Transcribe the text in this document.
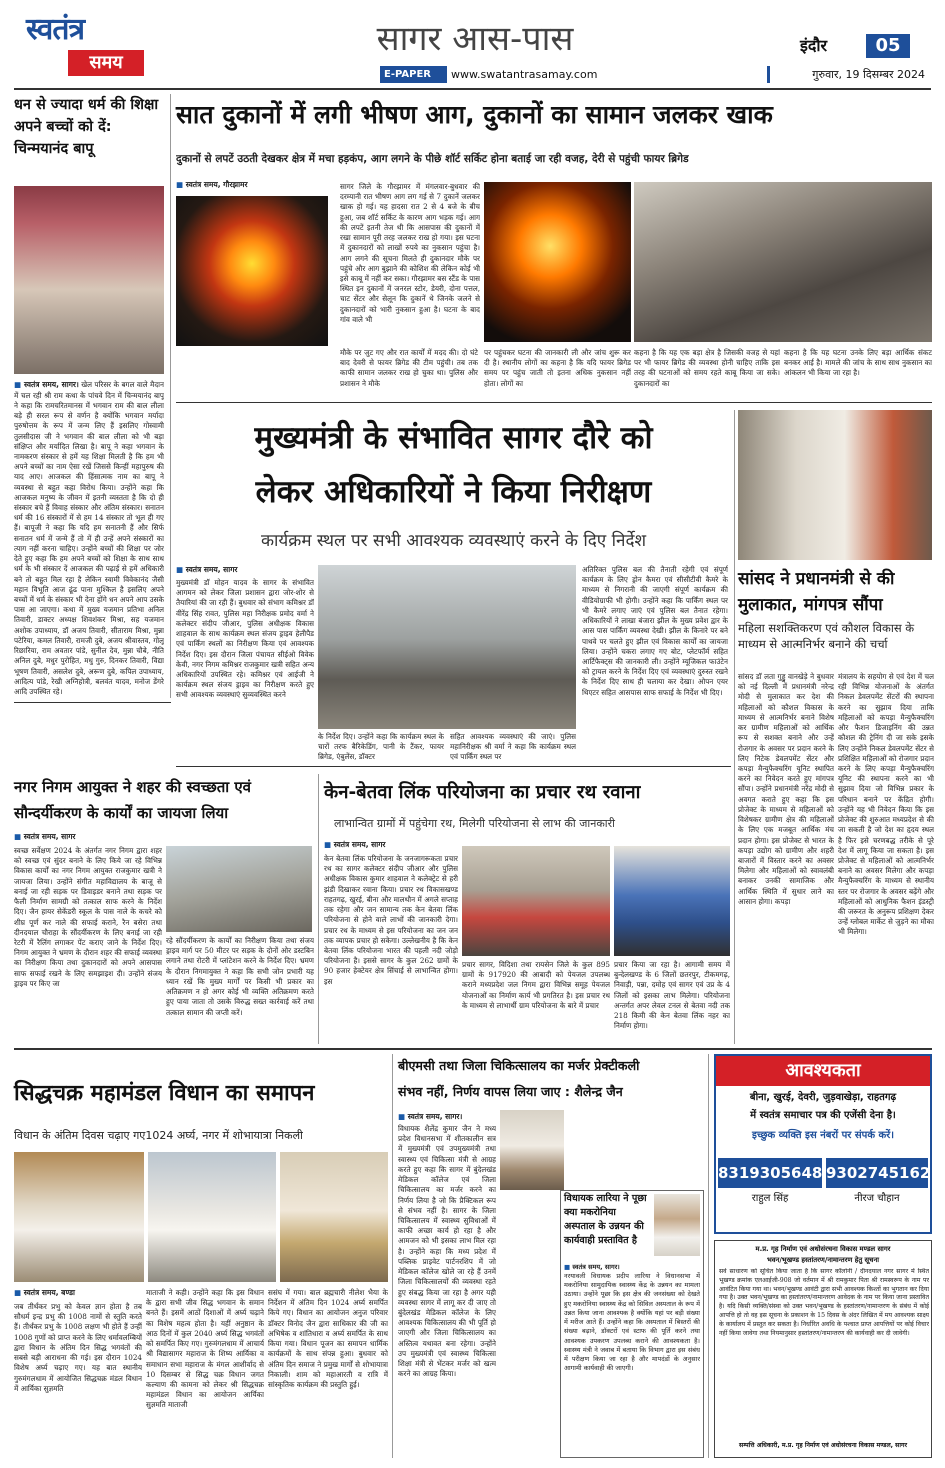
स्वतंत्र
समय
सागर आस-पास
E-PAPER	www.swatantrasamay.com
इंदौर	05
गुरुवार, 19 दिसम्बर 2024
धन से ज्यादा धर्म की शिक्षा अपने बच्चों को दें: चिन्मयानंद बापू
■ स्वतंत्र समय, सागर। खेल परिसर के बगल वाले मैदान में चल रही श्री राम कथा के पांचवे दिन में चिन्मयानंद बापू ने कहा कि रामचरितमानस में भगवान राम की बाल लीला बड़े ही सरल रूप से वर्णन है क्योंकि भगवान मर्यादा पुरुषोत्तम के रूप में जन्म लिए हैं इसलिए गोस्वामी तुलसीदास जी ने भगवान की बाल लीला को भी बड़ा संक्षिप्त और मर्यादित लिखा है। बापू ने कहा भगवान के नामकरण संस्कार से हमें यह शिक्षा मिलती है कि हम भी अपने बच्चों का नाम ऐसा रखें जिससे किन्हीं महापुरुष की याद आए। आजकल की हिंसात्मक नाम का बापू ने व्यवस्था से बहुत कहा विरोध किया। उन्होंने कहा कि आजकल मनुष्य के जीवन में इतनी व्यस्तता है कि दो ही संस्कार बचे हैं विवाह संस्कार और अंतिम संस्कार। सनातन धर्म की 16 संस्कारों में से हम 14 संस्कार तो भूल ही गए हैं। बापूजी ने कहा कि यदि हम सनातनी हैं और सिर्फ सनातन धर्म में जन्मे हैं तो में ही उन्हें अपने संस्कारों का त्याग नहीं करना चाहिए। उन्होंने बच्चों की शिक्षा पर जोर देते हुए कहा कि हम अपने बच्चों को शिक्षा के साथ साथ धर्म के भी संस्कार दें आजकल की पढ़ाई से हमें अधिकारी बने तो बहुत मिल रहा है लेकिन स्वामी विवेकानंद जैसी महान विभूति आज ढूंढ पाना मुश्किल है इसलिए अपने बच्चों में धर्म के संस्कार भी देना होंगे धन अपने आप उसके पास आ जाएगा। कथा में मुख्य यजमान प्रतिभा अनिल तिवारी, डाक्टर अध्यक्ष शिवशंकर मिश्रा, सह यजमान अशोक उपाध्याय, डॉ अजय तिवारी, सीताराम मिश्रा, मुन्ना पटेरिया, कमल तिवारी, रामजी दुबे, अजय श्रीवास्तव, गोलू रिछारिया, राम अवतार पांडे, सुनील देव, मुन्ना चौबे, नीति अनिल दुबे, मधुर पुरोहित, मधु गुरु, दिनकर तिवारी, विद्या भूषण तिवारी, असलेश दुबे, अरूण दुबे, कपिल उपाध्याय, आदित्य पांडे, रेखी अग्निहोत्री, बलवंत यादव, मनोज डेंगरे आदि उपस्थित रहे।
सात दुकानों में लगी भीषण आग, दुकानों का सामान जलकर खाक
दुकानों से लपटें उठती देखकर क्षेत्र में मचा हड़कंप, आग लगने के पीछे शॉर्ट सर्किट होना बताई जा रही वजह, देरी से पहुंची फायर ब्रिगेड
■ स्वतंत्र समय, गौरझामर	सागर जिले के गौरझामर में मंगलवार-बुधवार की दरम्यानी रात भीषण आग लग गई से 7 दुकानें जलकर खाक हो गई। यह हादसा रात 2 से 4 बजे के बीच हुआ, जब शॉर्ट सर्किट के कारण आग भड़क गई। आग की लपटें इतनी तेज थी कि आसपास की दुकानों में रखा सामान पूरी तरह जलकर राख हो गया। इस घटना में दुकानदारों को लाखों रुपये का नुकसान पहुंचा है। आग लगने की सूचना मिलते ही दुकानदार मौके पर पहुंचे और आग बुझाने की कोशिश की लेकिन कोई भी इसे काबू में नहीं कर सका। गौरझामर बस स्टैंड के पास स्थित इन दुकानों में जनरल स्टोर, डेयरी, दोना पत्तल, चाट सेंटर और सेलून कि दुकानें थे जिनके जलने से दुकानदारों को भारी नुकसान हुआ है। घटना के बाद गांव वाले भी
मौके पर जुट गए और रात कार्यों में मदद की। दो घंटे बाद देवरी से फायर ब्रिगेड की टीम पहुंची। तब तक काफी सामान जलकर राख हो चुका था। पुलिस और प्रशासन ने मौके
पर पहुंचकर घटना की जानकारी ली और जांच शुरू कर दी है। स्थानीय लोगों का कहना है कि यदि फायर ब्रिगेड समय पर पहुंच जाती तो इतना अधिक नुकसान नहीं होता। लोगों का
कहना है कि यह एक बड़ा क्षेत्र है जिसकी वजह से यहां पर भी फायर ब्रिगेड की व्यवस्था होनी चाहिए ताकि इस तरह की घटनाओं को समय रहते काबू किया जा सके। दुकानदारों का
कहना है कि यह घटना उनके लिए बड़ा आर्थिक संकट बनकर आई है। मामले की जांच के साथ साथ नुकसान का आंकलन भी किया जा रहा है।
मुख्यमंत्री के संभावित सागर दौरे को
लेकर अधिकारियों ने किया निरीक्षण
कार्यक्रम स्थल पर सभी आवश्यक व्यवस्थाएं करने के दिए निर्देश
■ स्वतंत्र समय, सागर
मुख्यमंत्री डॉ मोहन यादव के सागर के संभावित आगमन को लेकर जिला प्रशासन द्वारा जोर-शोर से तैयारियां की जा रही हैं। बुधवार को संभाग कमिश्नर डॉ वीरेंद्र सिंह रावत, पुलिस महा निरीक्षक प्रमोद वर्मा ने कलेक्टर संदीप जीआर, पुलिस अधीक्षक विकास शाहवाल के साथ कार्यक्रम स्थल संजय ड्राइव हेलीपैड एवं पार्किंग स्थलों का निरीक्षण किया एवं आवश्यक निर्देश दिए। इस दौरान जिला पंचायत सीईओ विवेक केवी, नगर निगम कमिश्नर राजकुमार खत्री सहित अन्य अधिकारियों उपस्थित रहे। कमिश्नर एवं आईजी ने कार्यक्रम स्थल संजय ड्राइव का निरीक्षण करते हुए सभी आवश्यक व्यवस्थाएं सुव्यवस्थित करने
के निर्देश दिए। उन्होंने कहा कि कार्यक्रम स्थल के चारों तरफ बैरिकेडिंग, पानी के टैंकर, फायर ब्रिगेड, एंबुलेंस, डॉक्टर
सहित आवश्यक व्यवस्थाएं की जाएं। पुलिस महानिरीक्षक श्री वर्मा ने कहा कि कार्यक्रम स्थल एवं पार्किंग स्थल पर
अतिरिक्त पुलिस बल की तैनाती रहेगी एवं संपूर्ण कार्यक्रम के लिए ड्रोन कैमरा एवं सीसीटीवी कैमरे के माध्यम से निगरानी की जाएगी संपूर्ण कार्यक्रम की वीडियोग्राफी भी होगी। उन्होंने कहा कि पार्किंग स्थल पर भी कैमरे लगाए जाएं एवं पुलिस बल तैनात रहेगा। अधिकारियों ने लाखा बंजारा झील के मुख्य प्रवेश द्वार के आस पास पार्किंग व्यवस्था देखी। झील के किनारे पर बने पाथवे पर चलते हुए झील एवं विकास कार्यों का जायजा लिया। उन्होंने चकरा लगाए गए बोट, प्लेटफॉर्म सहित आर्टिफैक्ट्स की जानकारी ली। उन्होंने म्यूजिकल फाउंटेन को ट्रायल करने के निर्देश दिए एवं व्यवस्थाएं दुरुस्त रखने के निर्देश दिए साथ ही चलाया कर देखा। ओपन एयर थिएटर सहित आसपास साफ सफाई के निर्देश भी दिए।
सांसद ने प्रधानमंत्री से की मुलाकात, मांगपत्र सौंपा
महिला सशक्तिकरण एवं कौशल विकास के माध्यम से आत्मनिर्भर बनाने की चर्चा
सांसद डॉ लता गुड्डु वानखेड़े ने बुधवार को नई दिल्ली में प्रधानमंत्री नरेन्द्र मोदी से मुलाकात कर देश की महिलाओं को कौशल विकास के माध्यम से आत्मनिर्भर बनाने विशेष कर ग्रामीण महिलाओं को आर्थिक रूप से सशक्त बनाने और उन्हें रोजगार के अवसर पर प्रदान करने के लिए निटेक डेवलपमेंट सेंटर और कपड़ा मैन्युफैक्चरिंग यूनिट स्थापित करने का निवेदन करते हुए मांगपत्र सौंपा। उन्होंने प्रधानमंत्री नरेंद्र मोदी से अवगत कराते हुए कहा कि इस प्रोजेक्ट के माध्यम से महिलाओं को विशेषकर ग्रामीण क्षेत्र की महिलाओं के लिए एक मजबूत आर्थिक मंच प्रदान होगा। इस प्रोजेक्ट से भारत के कपड़ा उद्योग को ग्रामीण और शहरी बाजारों में विस्तार करने का अवसर मिलेगा और महिलाओं को स्वावलंबी बनाकर उनकी सामाजिक और आर्थिक स्थिति में सुधार लाने का आसान होगा। कपड़ा
मंत्रालय के सहयोग से एवं देश में चल रही विभिन्न योजनाओं के अंतर्गत निकल डेवलपमेंट सेंटरों की स्थापना करने का सुझाव दिया ताकि महिलाओं को कपड़ा मैन्युफैक्चरिंग और फैशन डिजाइनिंग की उन्नत कौशल की ट्रेनिंग दी जा सके इसके लिए उन्होंने निकल डेवलपमेंट सेंटर से प्रशिक्षित महिलाओं को रोजगार प्रदान करने के लिए कपड़ा मैन्युफैक्चरिंग यूनिट की स्थापना करने का भी सुझाव दिया जो विभिन्न प्रकार के परिधान बनाने पर केंद्रित होगी। उन्होंने यह भी निवेदन किया कि इस प्रोजेक्ट की शुरुआत मध्यप्रदेश से की जा सकती है जो देश का हृदय स्थल है फिर इसे चरणबद्ध तरीके से पूरे देश में लागू किया जा सकता है। इस प्रोजेक्ट से महिलाओं को आत्मनिर्भर बनाने का अवसर मिलेगा और कपड़ा मैन्युफैक्चरिंग के माध्यम से स्थानीय स्तर पर रोजगार के अवसर बढ़ेंगे और महिलाओं को आधुनिक फैशन इंडस्ट्री की जरूरत के अनुरूप प्रशिक्षण देकर उन्हें ग्लोबल मार्केट से जुड़ने का मौका भी मिलेगा।
नगर निगम आयुक्त ने शहर की स्वच्छता एवं सौन्दर्यीकरण के कार्यों का जायजा लिया
■ स्वतंत्र समय, सागर
स्वच्छ सर्वेक्षण 2024 के अंतर्गत नगर निगम द्वारा शहर को स्वच्छ एवं सुंदर बनाने के लिए किये जा रहे विभिन्न विकास कार्यों का नगर निगम आयुक्त राजकुमार खत्री ने जायजा लिया। उन्होंने संगीत महाविद्यालय के बाजू से बनाई जा रही सड़क पर डिवाइडर बनाने तथा सड़क पर फैली निर्माण सामग्री को तत्काल साफ करने के निर्देश दिए। जैन हायर सेकेंडरी स्कूल के पास नाले के कचरे को शीघ्र पूर्ण कर नाले की सफाई कराने, रैन बसेरा तथा दीनदयाल चौराहा के सौंदर्यीकरण के लिए बनाई जा रही रेटरी में रैलिंग लगाकर पेंट कराए जाने के निर्देश दिए। निगम आयुक्त ने भ्रमण के दौरान शहर की सफाई व्यवस्था का निरीक्षण किया तथा दुकानदारों को अपने आसपास साफ सफाई रखने के लिए समझाइश दी। उन्होंने संजय ड्राइव पर किए जा
रहे सौंदर्यीकरण के कार्यों का निरीक्षण किया तथा संजय ड्राइव मार्ग पर 50 मीटर पर सड़क के दोनों ओर डस्टबिन लगाने तथा रोटरी में प्लांटेशन करने के निर्देश दिए। भ्रमण के दौरान निगमायुक्त ने कहा कि सभी जोन प्रभारी यह ध्यान रखें कि मुख्य मार्गों पर किसी भी प्रकार का अतिक्रमण न हो अगर कोई भी व्यक्ति अतिक्रमण करते हुए पाया जाता तो उसके विरुद्ध सख्त कार्रवाई करें तथा तत्काल सामान की जप्ती करें।
केन-बेतवा लिंक परियोजना का प्रचार रथ रवाना
लाभान्वित ग्रामों में पहुंचेगा रथ, मिलेगी परियोजना से लाभ की जानकारी
■ स्वतंत्र समय, सागर
केन बेतवा लिंक परियोजना के जनजागरूकता प्रचार रथ का सागर कलेक्टर संदीप जीआर और पुलिस अधीक्षक विकास कुमार शाहवाल ने कलेक्ट्रेट से हरी झंडी दिखाकर रवाना किया। प्रचार रथ विकासखण्ड राहतगढ़, खुरई, बीना और मालथौन में अगले सप्ताह तक रहेगा और जन सामान्य तक केन बेतवा लिंक परियोजना से होने वाले लाभों की जानकारी देगा। प्रचार रथ के माध्यम से इस परियोजना का जन जन तक व्यापक प्रचार हो सकेगा। उल्लेखनीय है कि केन बेतवा लिंक परियोजना भारत की पहली नदी जोड़ो परियोजना है। इससे सागर के कुल 262 ग्रामों के 90 हजार हेक्टेयर क्षेत्र सिंचाई से लाभान्वित होगा। इस
प्रचार सागर, विदिशा तथा रायसेन जिले के कुल 895 ग्रामों के 917920 की आबादी को पेयजल उपलब्ध कराने मध्यप्रदेश जल निगम द्वारा विभिन्न समूह पेयजल योजनाओं का निर्माण कार्य भी प्रगतिरत है। इस प्रचार रथ के माध्यम से लाभार्थी ग्राम परियोजना के बारे में प्रचार
प्रचार किया जा रहा है। आगामी समय में बुन्देलखण्ड के 6 जिलों छतरपुर, टीकमगढ़, निवाड़ी, पन्ना, दमोह एवं सागर एवं उप्र के 4 जिलों को इसका लाभ मिलेगा। परियोजना अन्तर्गत अपर लेवल टनल से बेतवा नदी तक 218 किमी की केन बेतवा लिंक नहर का निर्माण होगा।
सिद्धचक्र महामंडल विधान का समापन
विधान के अंतिम दिवस चढ़ाए गए1024 अर्घ्य, नगर में शोभायात्रा निकली
■ स्वतंत्र समय, बण्डा
जब तीर्थंकर प्रभु को केवल ज्ञान होता है तब सौधर्म इन्द्र प्रभु की 1008 नामों से स्तुति करते हैं। तीर्थंकर प्रभु के 1008 लक्षण भी होते हैं उन्हीं 1008 गुणों को प्राप्त करने के लिए धर्मावलम्बियों द्वारा विधान के अंतिम दिन सिद्ध भगवंतों की सबसे बड़ी आराधना की गई। इस दौरान 1024 विशेष अर्घ्य चढ़ाए गए। यह बात स्थानीय गुरुमंगलधाम में आयोजित सिद्धचक्र मंडल विधान में आर्यिका सुज्ञमति
माताजी ने कही। उन्होंने कहा कि इस विधान के द्वारा सभी जीव सिद्ध भगवान के समान बनते हैं। इसमें आठों दिशाओं में अर्घ्य चढ़ाने का विशेष महत्व होता है। यहीं अनुष्ठान के आठ दिनों में कुल 2040 अर्घ्य सिद्ध भगवंतों को समर्पित किए गए। गुरुमंगलधाम में आचार्य श्री विद्यासागर महाराज के शिष्य आर्यिका व समाधान सभा महाराज के मंगल आशीर्वाद से 10 दिसम्बर से सिद्ध चक्र विधान जगत कल्याण की कामना को लेकर श्री सिद्धचक्र महामंडल विधान का आयोजन आर्यिका सुज्ञमति माताजी
ससंघ में गया। बाल ब्रह्मचारी नीलेश भैया के निर्देशन में अंतिम दिन 1024 अर्घ्य समर्पित किये गए। विधान का आयोजन अनुज परिवार डॉक्टर विनोद जैन द्वारा साधिकार की जी का अभिषेक व शांतिधारा व अर्घ्य समर्पित के साथ किया गया। विधान पूजन का समापन धार्मिक कार्यक्रमों के साथ संपन्न हुआ। बुधवार को अंतिम दिन समाज ने प्रमुख मार्गों से शोभायात्रा निकाली। शाम को महाआरती व रात्रि में सांस्कृतिक कार्यक्रम की प्रस्तुति हुई।
बीएमसी तथा जिला चिकित्सालय का मर्जर प्रेक्टीकली
संभव नहीं, निर्णय वापस लिया जाए : शैलेन्द्र जैन
■ स्वतंत्र समय, सागर।
विधायक शैलेंद्र कुमार जैन ने मध्य प्रदेश विधानसभा में शीतकालीन सत्र में मुख्यमंत्री एवं उपमुख्यमंत्री तथा स्वास्थ्य एवं चिकित्सा मंत्री से आग्रह करते हुए कहा कि सागर में बुंदेलखंड मेडिकल कॉलेज एवं जिला चिकित्सालय का मर्जर करने का निर्णय लिया है जो कि प्रैक्टिकल रूप से संभव नहीं है। सागर के जिला चिकित्सालय में स्वास्थ्य सुविधाओं में काफी अच्छा कार्य हो रहा है और आमजन को भी इसका लाभ मिल रहा है। उन्होंने कहा कि मध्य प्रदेश में पब्लिक प्राइवेट पार्टनरशिप में जो मेडिकल कॉलेज खोले जा रहे हैं उनमें जिला चिकित्सालयों की व्यवस्था रहते हुए संबद्ध किया जा रहा है अगर यही व्यवस्था सागर में लागू कर दी जाए तो बुंदेलखंड मेडिकल कॉलेज के लिए आवश्यक चिकित्सालय की भी पूर्ति हो जाएगी और जिला चिकित्सालय का अस्तित्व यथावत बना रहेगा। उन्होंने उप मुख्यमंत्री एवं स्वास्थ्य चिकित्सा शिक्षा मंत्री से भेंटकर मर्जर को खत्म करने का आग्रह किया।
विधायक लारिया ने पूछा क्या मकरोनिया अस्पताल के उन्नयन की कार्यवाही प्रस्तावित है
■ स्वतंत्र समय, सागर।
नरयावली विधायक प्रदीप लारिया ने विधानसभा में मकरोनिया सामुदायिक स्वास्थ्य केंद्र के उन्नयन का मामला उठाया। उन्होंने पूछा कि इस क्षेत्र की जनसंख्या को देखते हुए मकरोनिया स्वास्थ्य केंद्र को सिविल अस्पताल के रूप में उन्नत किया जाना आवश्यक है क्योंकि यहां पर बड़ी संख्या में मरीज आते हैं। उन्होंने कहा कि अस्पताल में बिस्तरों की संख्या बढ़ाने, डॉक्टरों एवं स्टाफ की पूर्ति करने तथा आवश्यक उपकरण उपलब्ध कराने की आवश्यकता है। स्वास्थ्य मंत्री ने जवाब में बताया कि विभाग द्वारा इस संबंध में परीक्षण किया जा रहा है और मापदंडों के अनुसार आगामी कार्यवाही की जाएगी।
आवश्यकता
बीना, खुरई, देवरी, जुड़वाखेड़ा, राहतगढ़
में स्वतंत्र समाचार पत्र की एजेंसी देना है।
इच्छुक व्यक्ति इस नंबरों पर संपर्क करें।
8319305648 9302745162
राहुल सिंह	नीरज चौहान
म.प्र. गृह निर्माण एवं अधोसंरचना विकास मण्डल सागर
भवन/भूखण्ड हस्तांतरण/नामान्तरण हेतु सूचना
सर्व साधारण को सूचित किया जाता है कि सागर कॉलोनी / दीनदयाल नगर सागर में स्थित भूखण्ड क्रमांक एलआईजी-908 जो वर्तमान में श्री रामकुमार पिता श्री रामस्वरूप के नाम पर आवंटित किया गया था। भवन/भूखण्ड आवंटी द्वारा सभी आवश्यक किश्तों का भुगतान कर दिया गया है। उक्त भवन/भूखण्ड का हस्तांतरण/नामान्तरण आवेदक के नाम पर किया जाना प्रस्तावित है। यदि किसी व्यक्ति/संस्था को उक्त भवन/भूखण्ड के हस्तांतरण/नामान्तरण के संबंध में कोई आपत्ति हो तो वह इस सूचना के प्रकाशन के 15 दिवस के अंदर लिखित में मय आवश्यक साक्ष्य के कार्यालय में प्रस्तुत कर सकता है। निर्धारित अवधि के पश्चात प्राप्त आपत्तियों पर कोई विचार नहीं किया जावेगा तथा नियमानुसार हस्तांतरण/नामान्तरण की कार्यवाही कर दी जावेगी।
सम्पत्ति अधिकारी, म.प्र. गृह निर्माण एवं अधोसंरचना विकास मण्डल, सागर
